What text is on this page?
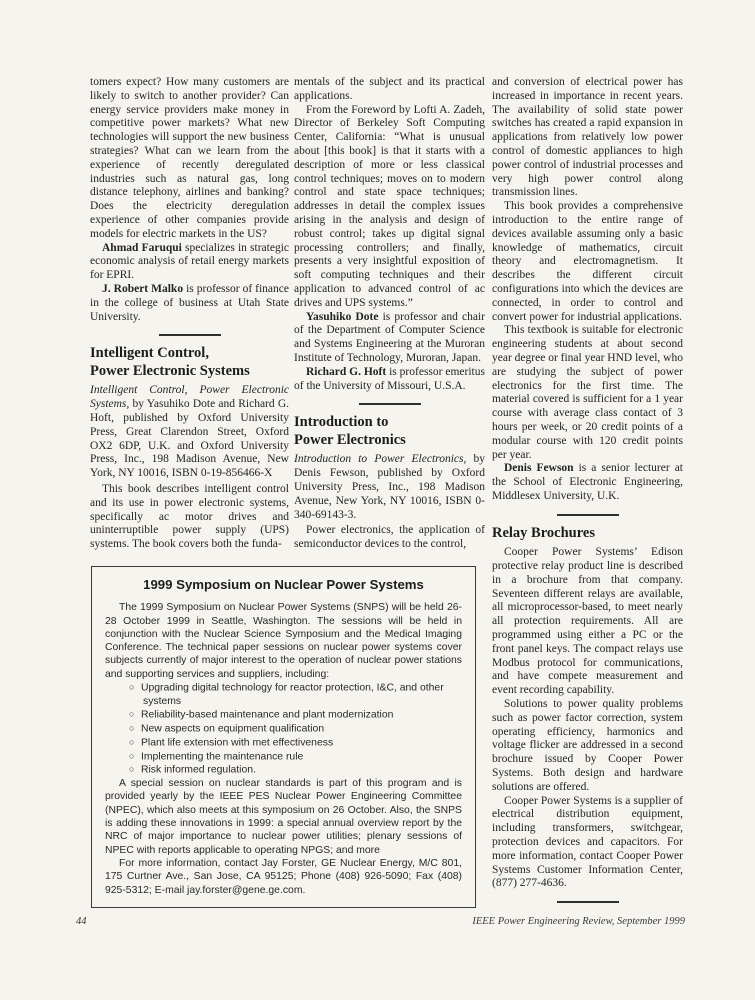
tomers expect? How many customers are likely to switch to another provider? Can energy service providers make money in competitive power markets? What new technologies will support the new business strategies? What can we learn from the experience of recently deregulated industries such as natural gas, long distance telephony, airlines and banking? Does the electricity deregulation experience of other companies provide models for electric markets in the US?

Ahmad Faruqui specializes in strategic economic analysis of retail energy markets for EPRI.

J. Robert Malko is professor of finance in the college of business at Utah State University.

Intelligent Control,
Power Electronic Systems

Intelligent Control, Power Electronic Systems, by Yasuhiko Dote and Richard G. Hoft, published by Oxford University Press, Great Clarendon Street, Oxford OX2 6DP, U.K. and Oxford University Press, Inc., 198 Madison Avenue, New York, NY 10016, ISBN 0-19-856466-X

This book describes intelligent control and its use in power electronic systems, specifically ac motor drives and uninterruptible power supply (UPS) systems. The book covers both the funda-

mentals of the subject and its practical applications.

From the Foreword by Lofti A. Zadeh, Director of Berkeley Soft Computing Center, California: “What is unusual about [this book] is that it starts with a description of more or less classical control techniques; moves on to modern control and state space techniques; addresses in detail the complex issues arising in the analysis and design of robust control; takes up digital signal processing controllers; and finally, presents a very insightful exposition of soft computing techniques and their application to advanced control of ac drives and UPS systems.”

Yasuhiko Dote is professor and chair of the Department of Computer Science and Systems Engineering at the Muroran Institute of Technology, Muroran, Japan.

Richard G. Hoft is professor emeritus of the University of Missouri, U.S.A.

Introduction to
Power Electronics

Introduction to Power Electronics, by Denis Fewson, published by Oxford University Press, Inc., 198 Madison Avenue, New York, NY 10016, ISBN 0-340-69143-3.

Power electronics, the application of semiconductor devices to the control,

and conversion of electrical power has increased in importance in recent years. The availability of solid state power switches has created a rapid expansion in applications from relatively low power control of domestic appliances to high power control of industrial processes and very high power control along transmission lines.

This book provides a comprehensive introduction to the entire range of devices available assuming only a basic knowledge of mathematics, circuit theory and electromagnetism. It describes the different circuit configurations into which the devices are connected, in order to control and convert power for industrial applications.

This textbook is suitable for electronic engineering students at about second year degree or final year HND level, who are studying the subject of power electronics for the first time. The material covered is sufficient for a 1 year course with average class contact of 3 hours per week, or 20 credit points of a modular course with 120 credit points per year.

Denis Fewson is a senior lecturer at the School of Electronic Engineering, Middlesex University, U.K.

Relay Brochures

Cooper Power Systems’ Edison protective relay product line is described in a brochure from that company. Seventeen different relays are available, all microprocessor-based, to meet nearly all protection requirements. All are programmed using either a PC or the front panel keys. The compact relays use Modbus protocol for communications, and have compete measurement and event recording capability.

Solutions to power quality problems such as power factor correction, system operating efficiency, harmonics and voltage flicker are addressed in a second brochure issued by Cooper Power Systems. Both design and hardware solutions are offered.

Cooper Power Systems is a supplier of electrical distribution equipment, including transformers, switchgear, protection devices and capacitors. For more information, contact Cooper Power Systems Customer Information Center, (877) 277-4636.

1999 Symposium on Nuclear Power Systems

The 1999 Symposium on Nuclear Power Systems (SNPS) will be held 26-28 October 1999 in Seattle, Washington. The sessions will be held in conjunction with the Nuclear Science Symposium and the Medical Imaging Conference. The technical paper sessions on nuclear power systems cover subjects currently of major interest to the operation of nuclear power stations and supporting services and suppliers, including:

○ Upgrading digital technology for reactor protection, I&C, and other systems
○ Reliability-based maintenance and plant modernization
○ New aspects on equipment qualification
○ Plant life extension with met effectiveness
○ Implementing the maintenance rule
○ Risk informed regulation.

A special session on nuclear standards is part of this program and is provided yearly by the IEEE PES Nuclear Power Engineering Committee (NPEC), which also meets at this symposium on 26 October. Also, the SNPS is adding these innovations in 1999: a special annual overview report by the NRC of major importance to nuclear power utilities; plenary sessions of NPEC with reports applicable to operating NPGS; and more

For more information, contact Jay Forster, GE Nuclear Energy, M/C 801, 175 Curtner Ave., San Jose, CA 95125; Phone (408) 926-5090; Fax (408) 925-5312; E-mail jay.forster@gene.ge.com.

44	IEEE Power Engineering Review, September 1999
